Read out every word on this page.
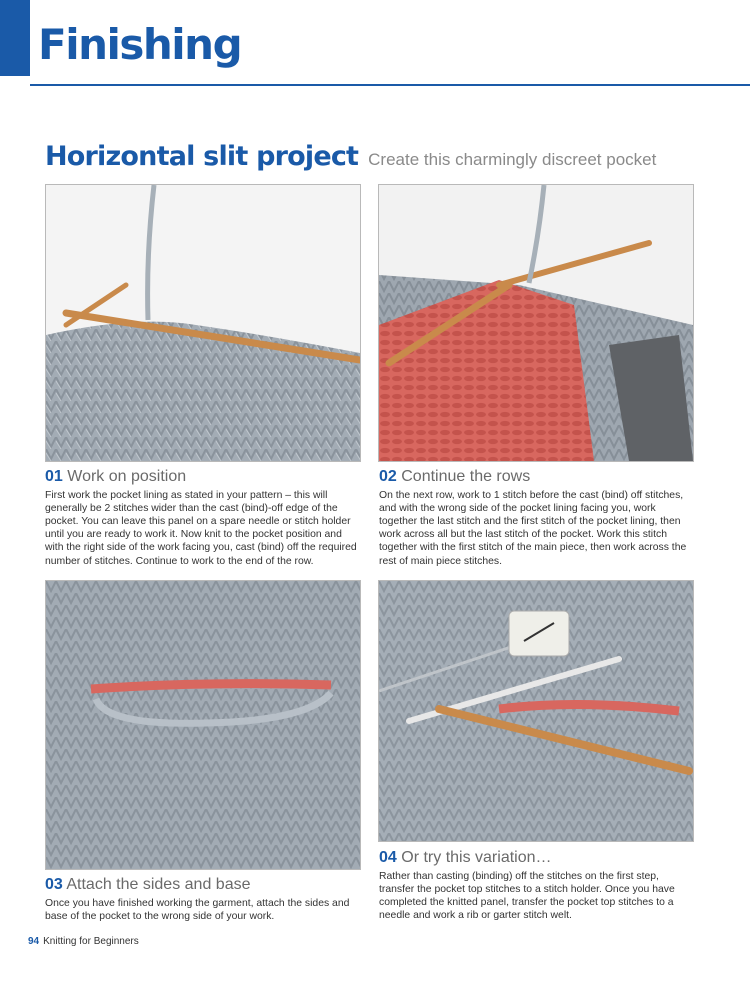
Finishing
Horizontal slit project Create this charmingly discreet pocket

01 Work on position

First work the pocket lining as stated in your pattern – this will generally be 2 stitches wider than the cast (bind)-off edge of the pocket. You can leave this panel on a spare needle or stitch holder until you are ready to work it. Now knit to the pocket position and with the right side of the work facing you, cast (bind) off the required number of stitches. Continue to work to the end of the row.

02 Continue the rows

On the next row, work to 1 stitch before the cast (bind) off stitches, and with the wrong side of the pocket lining facing you, work together the last stitch and the first stitch of the pocket lining, then work across all but the last stitch of the pocket. Work this stitch together with the first stitch of the main piece, then work across the rest of main piece stitches.

03 Attach the sides and base

Once you have finished working the garment, attach the sides and base of the pocket to the wrong side of your work.

04 Or try this variation…

Rather than casting (binding) off the stitches on the first step, transfer the pocket top stitches to a stitch holder. Once you have completed the knitted panel, transfer the pocket top stitches to a needle and work a rib or garter stitch welt.

94 Knitting for Beginners
